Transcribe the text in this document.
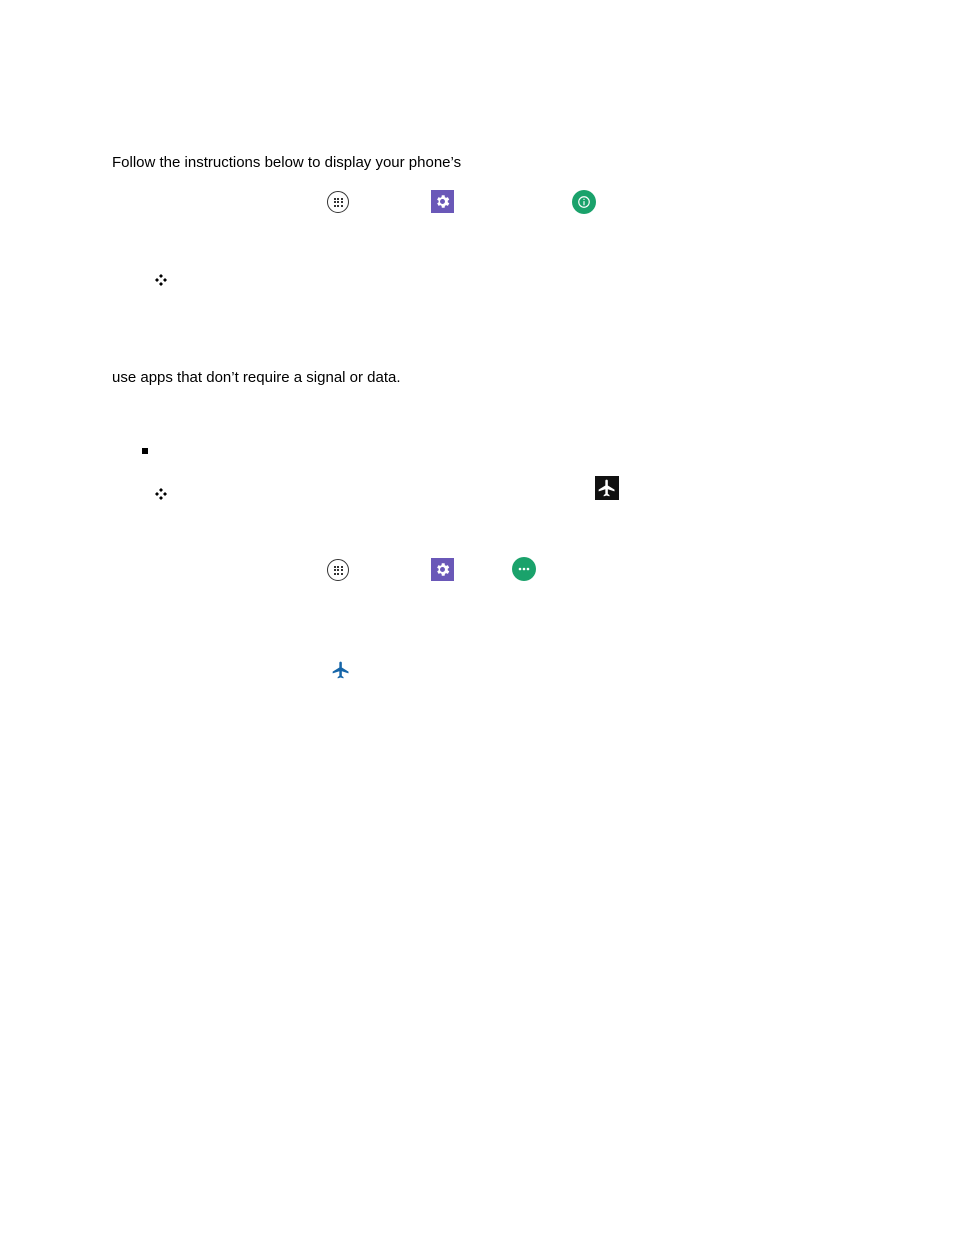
Follow the instructions below to display your phone’s
use apps that don’t require a signal or data.
